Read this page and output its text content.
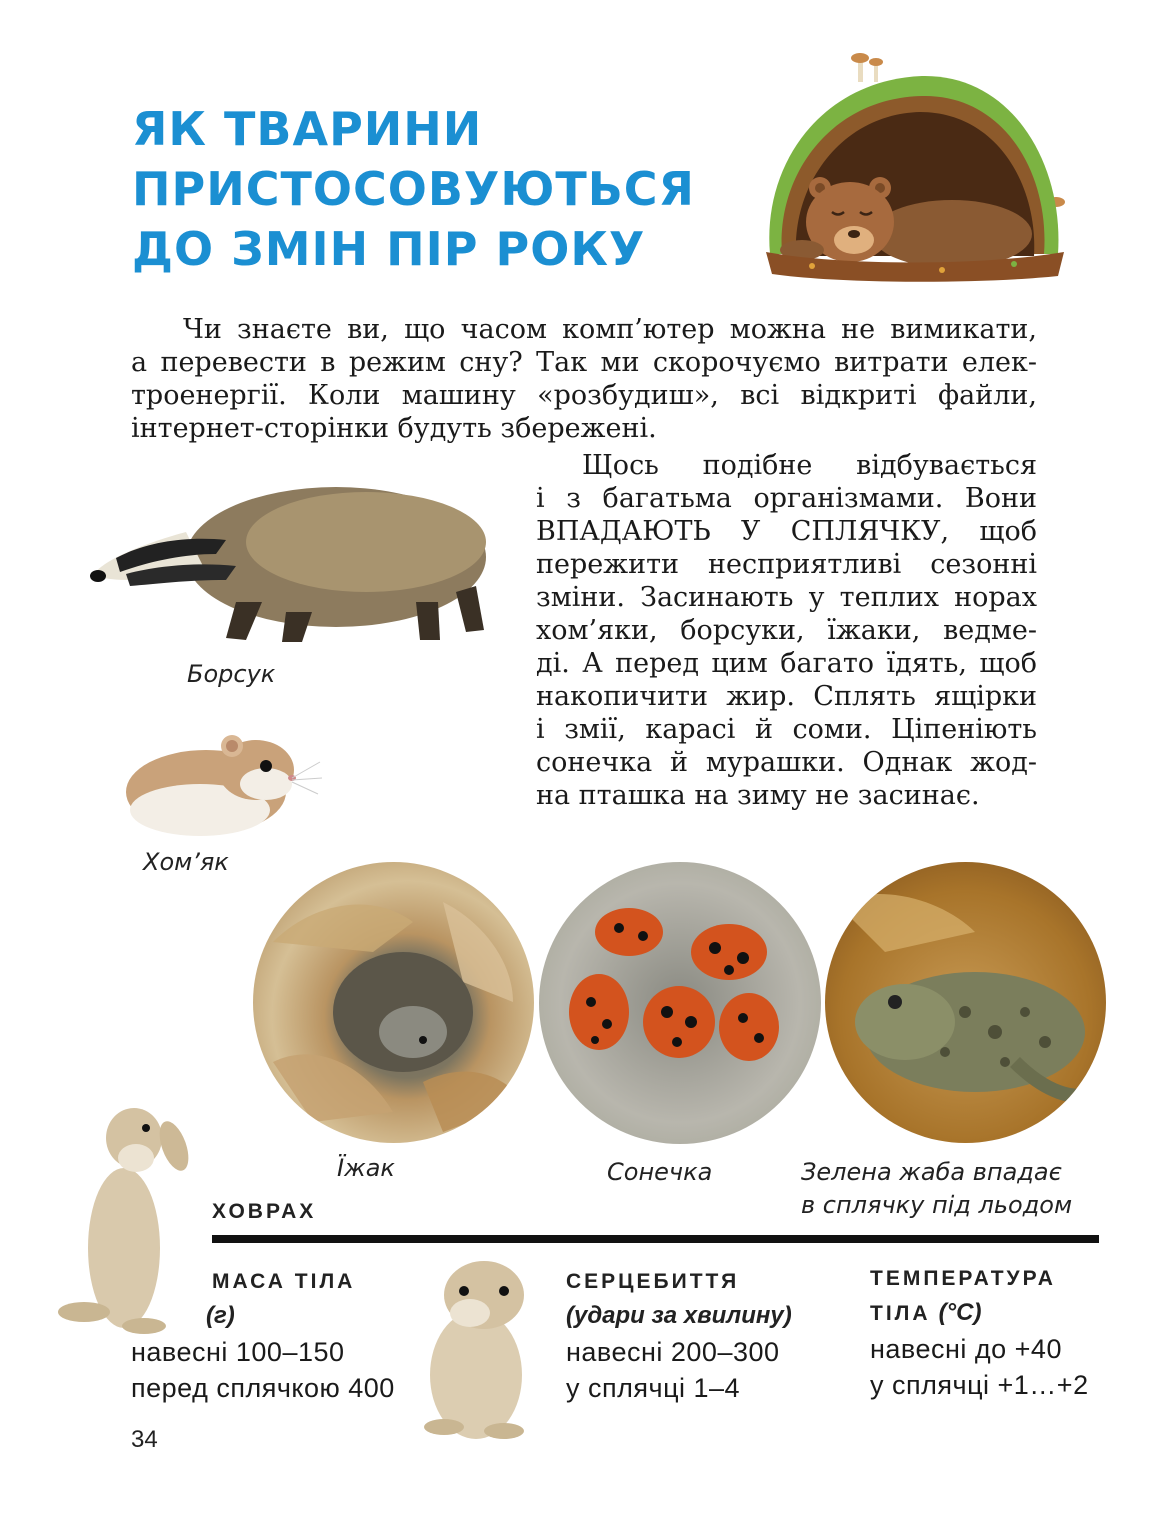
ЯК ТВАРИНИ
ПРИСТОСОВУЮТЬСЯ
ДО ЗМІН ПІР РОКУ
Чи знаєте ви, що часом комп’ютер можна не вимикати,
а перевести в режим сну? Так ми скорочуємо витрати елек-
троенергії. Коли машину «розбудиш», всі відкриті файли,
інтернет-сторінки будуть збережені.
Щось подібне відбувається
і з багатьма організмами. Вони
ВПАДАЮТЬ У СПЛЯЧКУ, щоб
пережити несприятливі сезонні
зміни. Засинають у теплих норах
хом’яки, борсуки, їжаки, ведме-
ді. А перед цим багато їдять, щоб
накопичити жир. Сплять ящірки
і змії, карасі й соми. Ціпеніють
сонечка й мурашки. Однак жод-
на пташка на зиму не засинає.
Борсук
Хом’як
Їжак	Сонечка	Зелена жаба впадає
в сплячку під льодом
ХОВРАХ
МАСА ТІЛА
(г)
навесні 100–150
перед сплячкою 400
СЕРЦЕБИТТЯ
(удари за хвилину)
навесні 200–300
у сплячці 1–4
ТЕМПЕРАТУРА
ТІЛА (°С)
навесні до +40
у сплячці +1…+2
34
